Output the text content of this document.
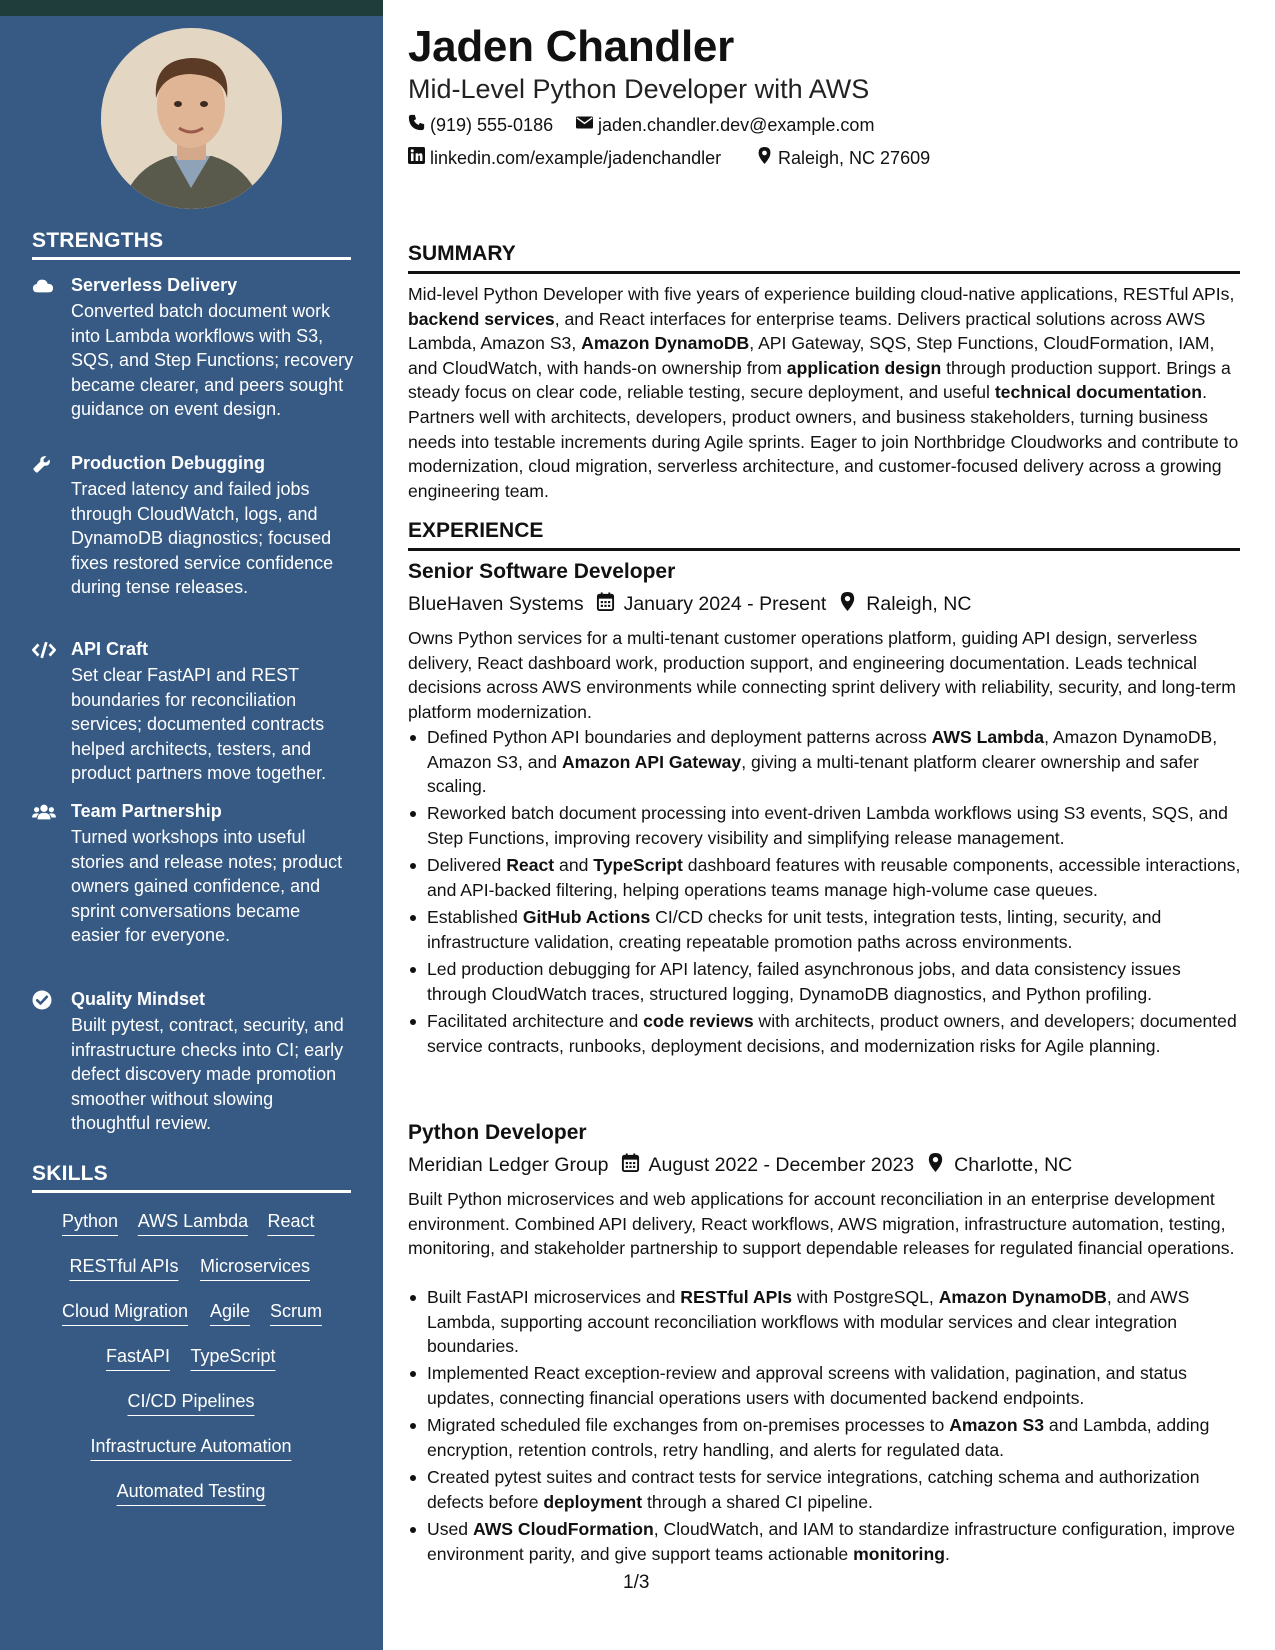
STRENGTHS
Serverless Delivery
Converted batch document work into Lambda workflows with S3, SQS, and Step Functions; recovery became clearer, and peers sought guidance on event design.
Production Debugging
Traced latency and failed jobs through CloudWatch, logs, and DynamoDB diagnostics; focused fixes restored service confidence during tense releases.
API Craft
Set clear FastAPI and REST boundaries for reconciliation services; documented contracts helped architects, testers, and product partners move together.
Team Partnership
Turned workshops into useful stories and release notes; product owners gained confidence, and sprint conversations became easier for everyone.
Quality Mindset
Built pytest, contract, security, and infrastructure checks into CI; early defect discovery made promotion smoother without slowing thoughtful review.
SKILLS
Python AWS Lambda React
RESTful APIs Microservices
Cloud Migration Agile Scrum
FastAPI TypeScript
CI/CD Pipelines
Infrastructure Automation
Automated Testing
Jaden Chandler
Mid-Level Python Developer with AWS
(919) 555-0186 jaden.chandler.dev@example.com
linkedin.com/example/jadenchandler	Raleigh, NC 27609
SUMMARY
Mid-level Python Developer with five years of experience building cloud-native applications, RESTful APIs, backend services, and React interfaces for enterprise teams. Delivers practical solutions across AWS Lambda, Amazon S3, Amazon DynamoDB, API Gateway, SQS, Step Functions, CloudFormation, IAM, and CloudWatch, with hands-on ownership from application design through production support. Brings a steady focus on clear code, reliable testing, secure deployment, and useful technical documentation. Partners well with architects, developers, product owners, and business stakeholders, turning business needs into testable increments during Agile sprints. Eager to join Northbridge Cloudworks and contribute to modernization, cloud migration, serverless architecture, and customer-focused delivery across a growing engineering team.
EXPERIENCE
Senior Software Developer
BlueHaven Systems January 2024 - Present Raleigh, NC
Owns Python services for a multi-tenant customer operations platform, guiding API design, serverless delivery, React dashboard work, production support, and engineering documentation. Leads technical decisions across AWS environments while connecting sprint delivery with reliability, security, and long-term platform modernization.
Defined Python API boundaries and deployment patterns across AWS Lambda, Amazon DynamoDB, Amazon S3, and Amazon API Gateway, giving a multi-tenant platform clearer ownership and safer scaling.
Reworked batch document processing into event-driven Lambda workflows using S3 events, SQS, and Step Functions, improving recovery visibility and simplifying release management.
Delivered React and TypeScript dashboard features with reusable components, accessible interactions, and API-backed filtering, helping operations teams manage high-volume case queues.
Established GitHub Actions CI/CD checks for unit tests, integration tests, linting, security, and infrastructure validation, creating repeatable promotion paths across environments.
Led production debugging for API latency, failed asynchronous jobs, and data consistency issues through CloudWatch traces, structured logging, DynamoDB diagnostics, and Python profiling.
Facilitated architecture and code reviews with architects, product owners, and developers; documented service contracts, runbooks, deployment decisions, and modernization risks for Agile planning.
Python Developer
Meridian Ledger Group August 2022 - December 2023 Charlotte, NC
Built Python microservices and web applications for account reconciliation in an enterprise development environment. Combined API delivery, React workflows, AWS migration, infrastructure automation, testing, monitoring, and stakeholder partnership to support dependable releases for regulated financial operations.
Built FastAPI microservices and RESTful APIs with PostgreSQL, Amazon DynamoDB, and AWS Lambda, supporting account reconciliation workflows with modular services and clear integration boundaries.
Implemented React exception-review and approval screens with validation, pagination, and status updates, connecting financial operations users with documented backend endpoints.
Migrated scheduled file exchanges from on-premises processes to Amazon S3 and Lambda, adding encryption, retention controls, retry handling, and alerts for regulated data.
Created pytest suites and contract tests for service integrations, catching schema and authorization defects before deployment through a shared CI pipeline.
Used AWS CloudFormation, CloudWatch, and IAM to standardize infrastructure configuration, improve environment parity, and give support teams actionable monitoring.
1/3
